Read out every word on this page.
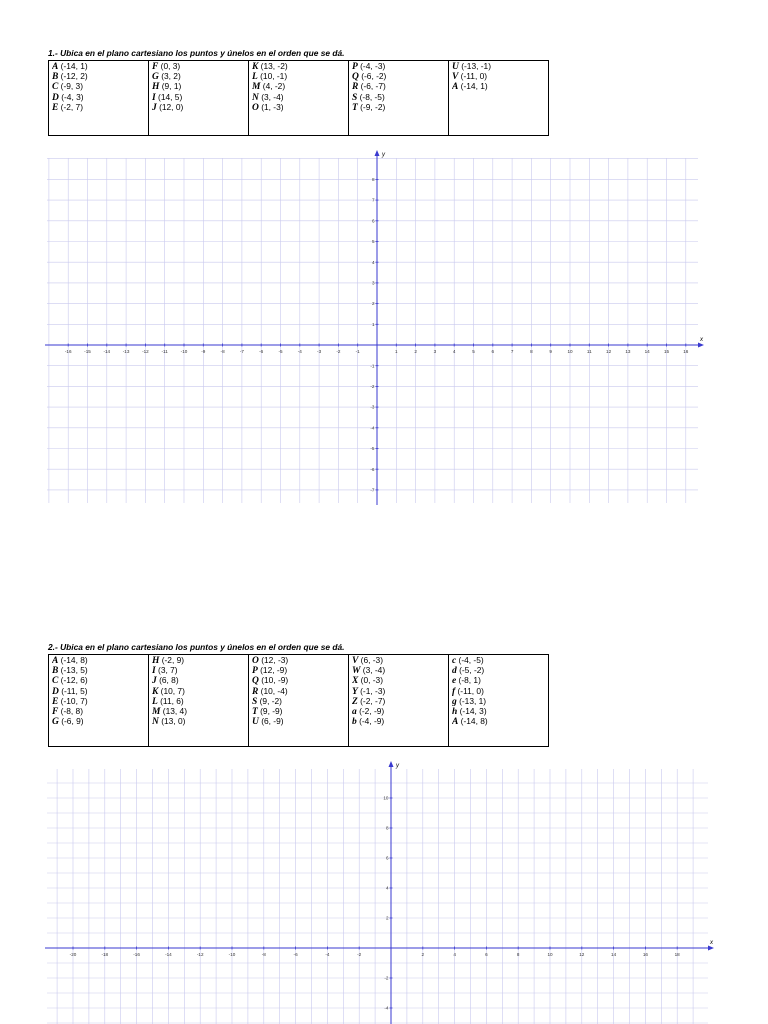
1.- Ubica en el plano cartesiano los puntos y únelos en el orden que se dá.
A (-14, 1)
B (-12, 2)
C (-9, 3)
D (-4, 3)
E (-2, 7)

F (0, 3)
G (3, 2)
H (9, 1)
I (14, 5)
J (12, 0)

K (13, -2)
L (10, -1)
M (4, -2)
N (3, -4)
O (1, -3)

P (-4, -3)
Q (-6, -2)
R (-6, -7)
S (-8, -5)
T (-9, -2)

U (-13, -1)
V (-11, 0)
A (-14, 1)
x
y
-16	-15	-14	-13	-12	-11	-10	-9	-8	-7	-6	-5	-4	-3	-2	-1	1	2	3	4	5	6	7	8	9	10	11	12	13	14	15	16
8
7
6
5
4
3
2
1
-1
-2
-3
-4
-5
-6
-7
2.- Ubica en el plano cartesiano los puntos y únelos en el orden que se dá.
A (-14, 8)
B (-13, 5)
C (-12, 6)
D (-11, 5)
E (-10, 7)
F (-8, 8)
G (-6, 9)

H (-2, 9)
I (3, 7)
J (6, 8)
K (10, 7)
L (11, 6)
M (13, 4)
N (13, 0)

O (12, -3)
P (12, -9)
Q (10, -9)
R (10, -4)
S (9, -2)
T (9, -9)
U (6, -9)

V (6, -3)
W (3, -4)
X (0, -3)
Y (-1, -3)
Z (-2, -7)
a (-2, -9)
b (-4, -9)

c (-4, -5)
d (-5, -2)
e (-8, 1)
f (-11, 0)
g (-13, 1)
h (-14, 3)
A (-14, 8)
x
y
-20	-18	-16	-14	-12	-10	-8	-6	-4	-2	2	4	6	8	10	12	14	16	18
10
8
6
4
2
-2
-4
